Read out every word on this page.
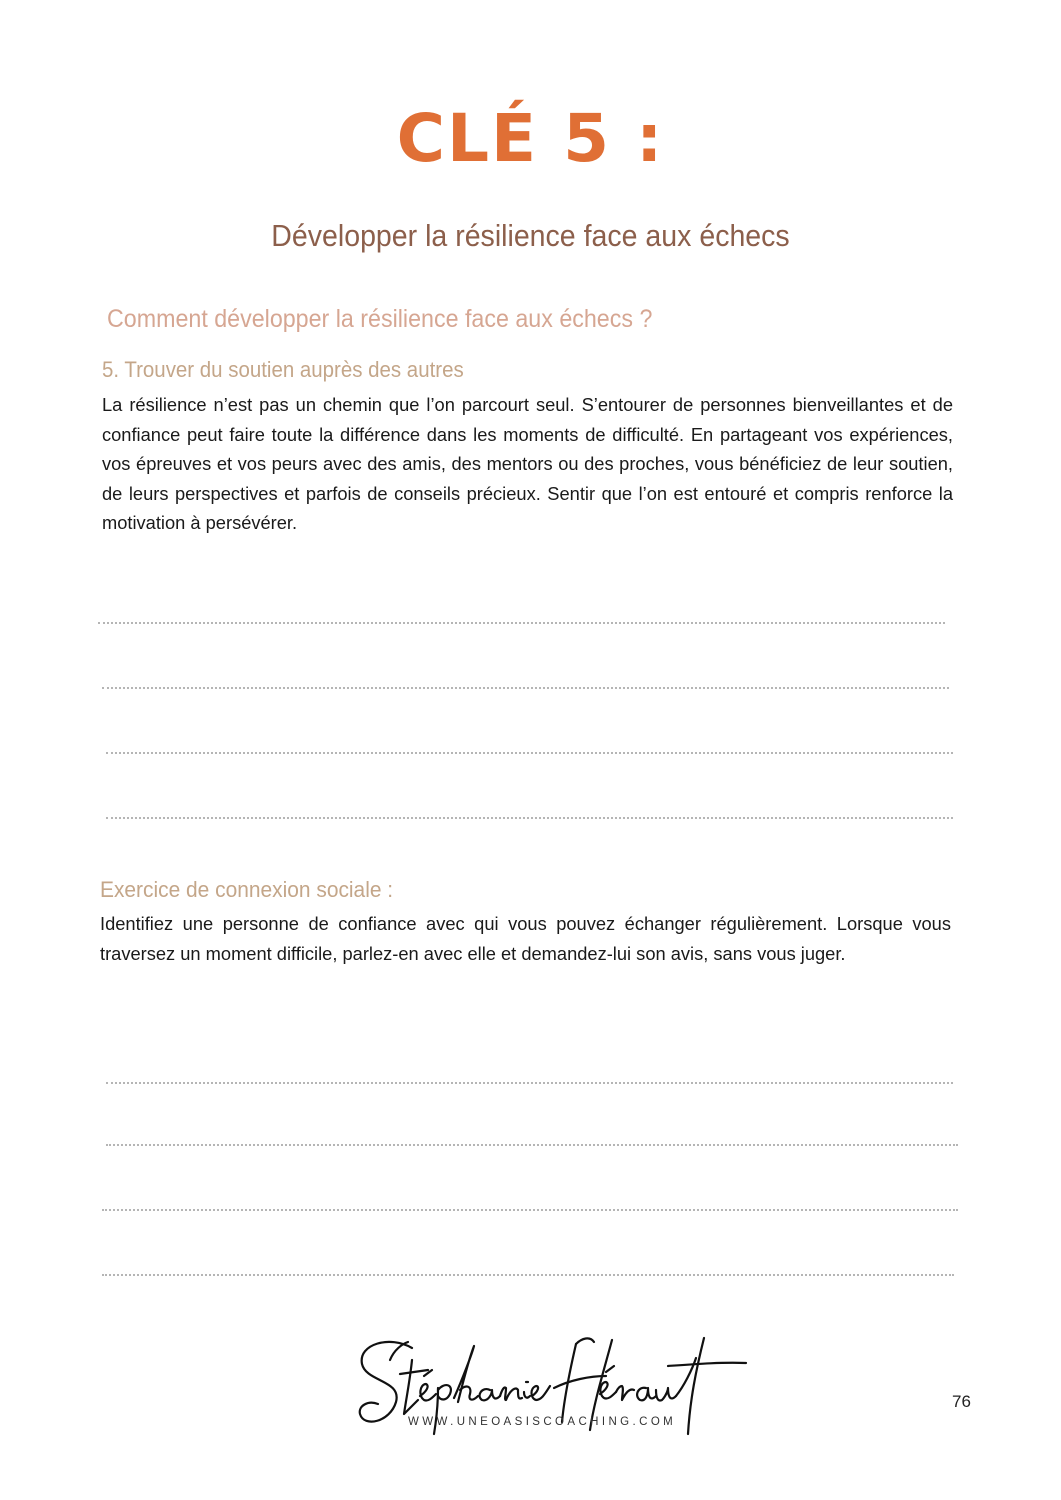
CLÉ 5 :
Développer la résilience face aux échecs
Comment développer la résilience face aux échecs ?
5. Trouver du soutien auprès des autres

La résilience n’est pas un chemin que l’on parcourt seul. S’entourer de personnes bienveillantes et de confiance peut faire toute la différence dans les moments de difficulté. En partageant vos expériences, vos épreuves et vos peurs avec des amis, des mentors ou des proches, vous bénéficiez de leur soutien, de leurs perspectives et parfois de conseils précieux. Sentir que l’on est entouré et compris renforce la motivation à persévérer.

Exercice de connexion sociale :

Identifiez une personne de confiance avec qui vous pouvez échanger régulièrement. Lorsque vous traversez un moment difficile, parlez-en avec elle et demandez-lui son avis, sans vous juger.

WWW.UNEOASISCOACHING.COM
76
